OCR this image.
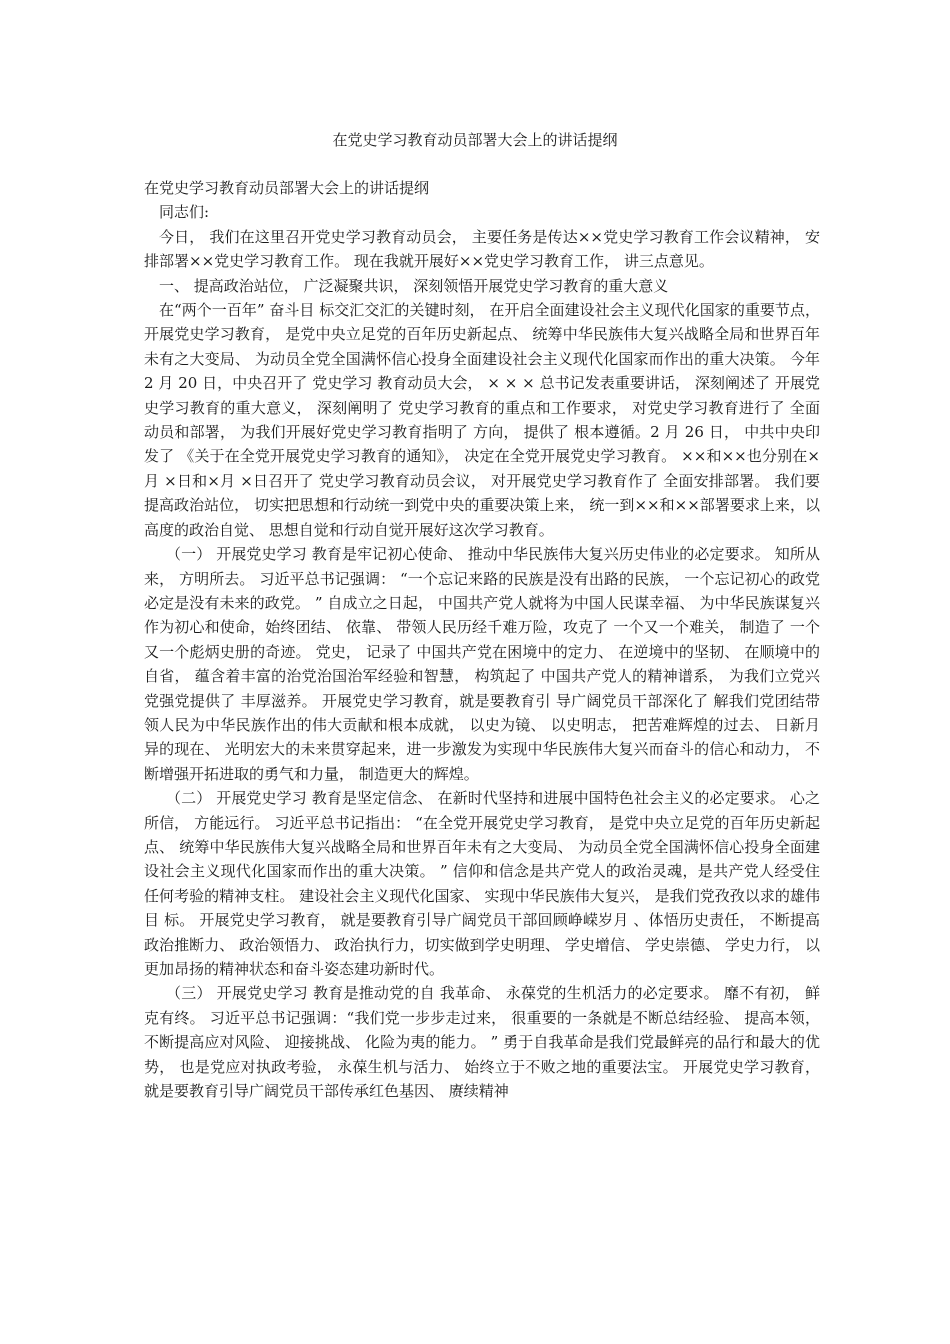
在党史学习教育动员部署大会上的讲话提纲

在党史学习教育动员部署大会上的讲话提纲

同志们:

今日， 我们在这里召开党史学习教育动员会， 主要任务是传达××党史学习教育工作会议精神， 安排部署××党史学习教育工作。 现在我就开展好××党史学习教育工作， 讲三点意见。

一、 提高政治站位， 广泛凝聚共识， 深刻领悟开展党史学习教育的重大意义

在“两个一百年” 奋斗目 标交汇交汇的关键时刻， 在开启全面建设社会主义现代化国家的重要节点， 开展党史学习教育， 是党中央立足党的百年历史新起点、 统筹中华民族伟大复兴战略全局和世界百年未有之大变局、 为动员全党全国满怀信心投身全面建设社会主义现代化国家而作出的重大决策。 今年 2 月 20 日，中央召开了 党史学习 教育动员大会， × × × 总书记发表重要讲话， 深刻阐述了 开展党史学习教育的重大意义， 深刻阐明了 党史学习教育的重点和工作要求， 对党史学习教育进行了 全面动员和部署， 为我们开展好党史学习教育指明了 方向， 提供了 根本遵循。2 月 26 日， 中共中央印发了 《关于在全党开展党史学习教育的通知》， 决定在全党开展党史学习教育。 ××和××也分别在×月 ×日和×月 ×日召开了 党史学习教育动员会议， 对开展党史学习教育作了 全面安排部署。 我们要提高政治站位， 切实把思想和行动统一到党中央的重要决策上来， 统一到××和××部署要求上来，以高度的政治自觉、 思想自觉和行动自觉开展好这次学习教育。

（一） 开展党史学习 教育是牢记初心使命、 推动中华民族伟大复兴历史伟业的必定要求。 知所从来， 方明所去。 习近平总书记强调： “一个忘记来路的民族是没有出路的民族， 一个忘记初心的政党必定是没有未来的政党。 ” 自成立之日起， 中国共产党人就将为中国人民谋幸福、 为中华民族谋复兴作为初心和使命，始终团结、 依靠、 带领人民历经千难万险，攻克了 一个又一个难关， 制造了 一个又一个彪炳史册的奇迹。 党史， 记录了 中国共产党在困境中的定力、 在逆境中的坚韧、 在顺境中的自省， 蕴含着丰富的治党治国治军经验和智慧， 构筑起了 中国共产党人的精神谱系， 为我们立党兴党强党提供了 丰厚滋养。 开展党史学习教育，就是要教育引 导广阔党员干部深化了 解我们党团结带领人民为中华民族作出的伟大贡献和根本成就， 以史为镜、 以史明志， 把苦难辉煌的过去、 日新月 异的现在、 光明宏大的未来贯穿起来，进一步激发为实现中华民族伟大复兴而奋斗的信心和动力， 不断增强开拓进取的勇气和力量， 制造更大的辉煌。

（二） 开展党史学习 教育是坚定信念、 在新时代坚持和进展中国特色社会主义的必定要求。 心之所信， 方能远行。 习近平总书记指出： “在全党开展党史学习教育， 是党中央立足党的百年历史新起点、 统筹中华民族伟大复兴战略全局和世界百年未有之大变局、 为动员全党全国满怀信心投身全面建设社会主义现代化国家而作出的重大决策。 ” 信仰和信念是共产党人的政治灵魂，是共产党人经受住任何考验的精神支柱。 建设社会主义现代化国家、 实现中华民族伟大复兴， 是我们党孜孜以求的雄伟目 标。 开展党史学习教育， 就是要教育引导广阔党员干部回顾峥嵘岁月 、体悟历史责任， 不断提高政治推断力、 政治领悟力、 政治执行力，切实做到学史明理、 学史增信、 学史崇德、 学史力行， 以更加昂扬的精神状态和奋斗姿态建功新时代。

（三） 开展党史学习 教育是推动党的自 我革命、 永葆党的生机活力的必定要求。 靡不有初， 鲜克有终。 习近平总书记强调：“我们党一步步走过来， 很重要的一条就是不断总结经验、 提高本领， 不断提高应对风险、 迎接挑战、 化险为夷的能力。 ” 勇于自我革命是我们党最鲜亮的品行和最大的优势， 也是党应对执政考验， 永葆生机与活力、 始终立于不败之地的重要法宝。 开展党史学习教育， 就是要教育引导广阔党员干部传承红色基因、 赓续精神
